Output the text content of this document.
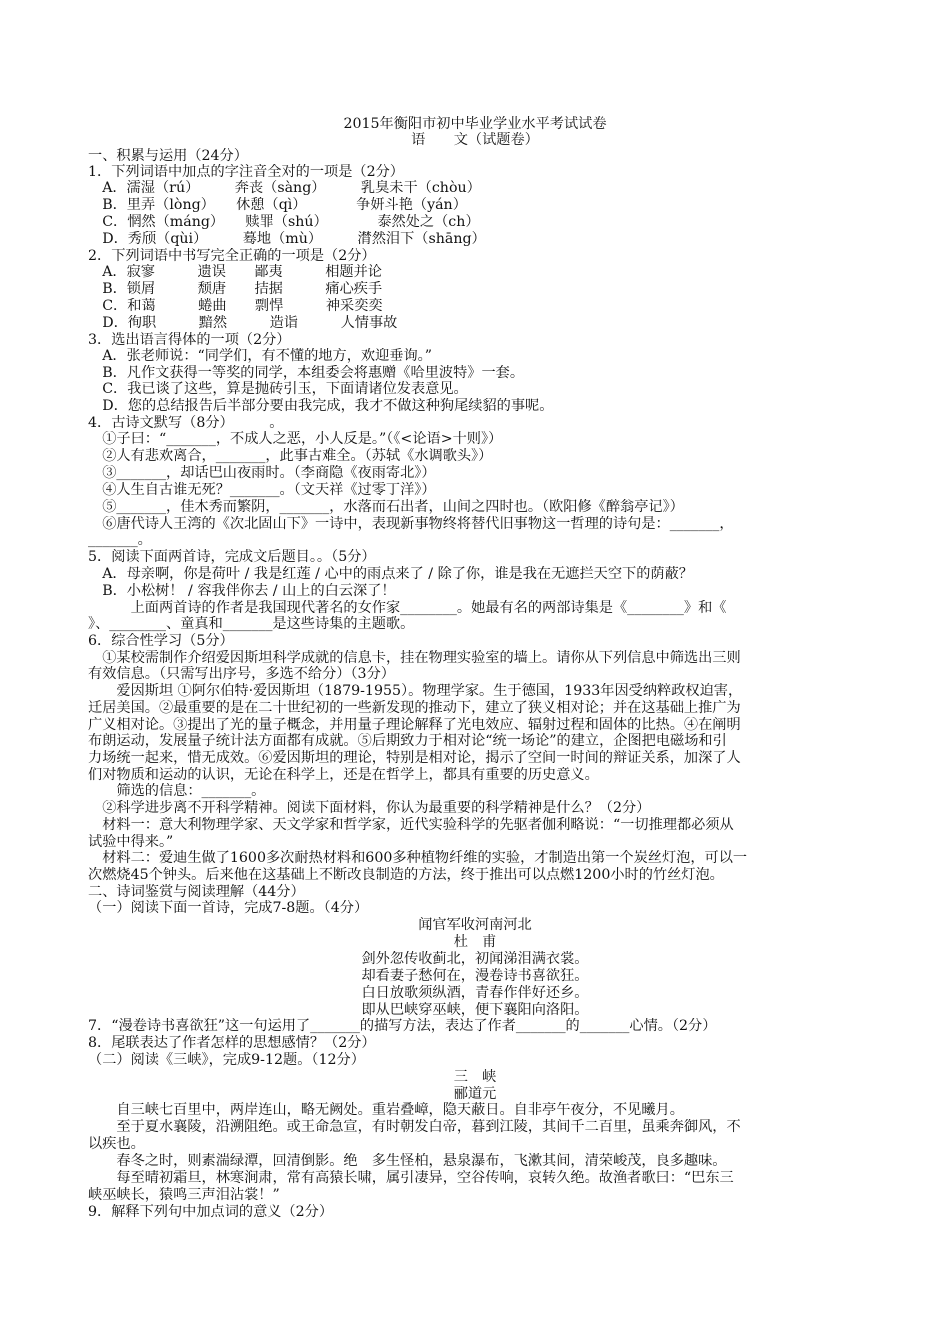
2015年衡阳市初中毕业学业水平考试试卷
语　　文（试题卷）
一、积累与运用（24分）
1．下列词语中加点的字注音全对的一项是（2分）
　A．濡湿（rú）　　　奔丧（sàng）　　　乳臭未干（chòu）
　B．里弄（lòng）　　休憩（qì）　　　　争妍斗艳（yán）
　C．惘然（máng）　　赎罪（shú）　　　　泰然处之（ch）
　D．秀颀（qùi）　　　蓦地（mù）　　　潸然泪下（shāng）
2．下列词语中书写完全正确的一项是（2分）
　A．寂寥　　　遗误　　鄙夷　　　相题并论
　B．锁屑　　　颓唐　　拮据　　　痛心疾手
　C．和蔼　　　蜷曲　　剽悍　　　神采奕奕
　D．徇职　　　黯然　　　造诣　　　人情事故
3．选出语言得体的一项（2分）
　A．张老师说：“同学们，有不懂的地方，欢迎垂询。”
　B．凡作文获得一等奖的同学，本组委会将惠赠《哈里波特》一套。
　C．我已谈了这些，算是抛砖引玉，下面请诸位发表意见。
　D．您的总结报告后半部分要由我完成，我才不做这种狗尾续貂的事呢。
4．古诗文默写（8分）　　　。
　①子曰：“_______，不成人之恶，小人反是。”（《<论语>十则》）
　②人有悲欢离合，_______，此事古难全。（苏轼《水调歌头》）
　③_______，却话巴山夜雨时。（李商隐《夜雨寄北》）
　④人生自古谁无死？_______。（文天祥《过零丁洋》）
　⑤_______，佳木秀而繁阴，_______，水落而石出者，山间之四时也。（欧阳修《醉翁亭记》）
　⑥唐代诗人王湾的《次北固山下》一诗中，表现新事物终将替代旧事物这一哲理的诗句是：_______，
_______。
5．阅读下面两首诗，完成文后题目。。（5分）
　A．母亲啊，你是荷叶 / 我是红莲 / 心中的雨点来了 / 除了你，谁是我在无遮拦天空下的荫蔽？
　B．小松树！ / 容我伴你去 / 山上的白云深了！
　　　上面两首诗的作者是我国现代著名的女作家________。她最有名的两部诗集是《________》和《
》、________、童真和_______是这些诗集的主题歌。
6．综合性学习（5分）
　①某校需制作介绍爱因斯坦科学成就的信息卡，挂在物理实验室的墙上。请你从下列信息中筛选出三则
有效信息。（只需写出序号，多选不给分）（3分）
　　爱因斯坦 ①阿尔伯特·爱因斯坦（1879-1955）。物理学家。生于德国，1933年因受纳粹政权迫害，
迁居美国。②最重要的是在二十世纪初的一些新发现的推动下，建立了狭义相对论；并在这基础上推广为
广义相对论。③提出了光的量子概念，并用量子理论解释了光电效应、辐射过程和固体的比热。④在阐明
布朗运动，发展量子统计法方面都有成就。⑤后期致力于相对论“统一场论”的建立，企图把电磁场和引
力场统一起来，惜无成效。⑥爱因斯坦的理论，特别是相对论，揭示了空间一时间的辩证关系，加深了人
们对物质和运动的认识，无论在科学上，还是在哲学上，都具有重要的历史意义。
　　筛选的信息：_______。
　②科学进步离不开科学精神。阅读下面材料，你认为最重要的科学精神是什么？（2分）
　材料一：意大利物理学家、天文学家和哲学家，近代实验科学的先驱者伽利略说：“一切推理都必须从
试验中得来。”
　材料二：爱迪生做了1600多次耐热材料和600多种植物纤维的实验，才制造出第一个炭丝灯泡，可以一
次燃烧45个钟头。后来他在这基础上不断改良制造的方法，终于推出可以点燃1200小时的竹丝灯泡。
二、诗词鉴赏与阅读理解（44分）
（一）阅读下面一首诗，完成7-8题。（4分）
闻官军收河南河北
杜　甫
剑外忽传收蓟北，初闻涕泪满衣裳。
却看妻子愁何在，漫卷诗书喜欲狂。
白日放歌须纵酒，青春作伴好还乡。
即从巴峡穿巫峡，便下襄阳向洛阳。
7．“漫卷诗书喜欲狂”这一句运用了_______的描写方法，表达了作者_______的_______心情。（2分）
8．尾联表达了作者怎样的思想感情？（2分）
（二）阅读《三峡》，完成9-12题。（12分）
三　峡
郦道元
　　自三峡七百里中，两岸连山，略无阙处。重岩叠嶂，隐天蔽日。自非亭午夜分，不见曦月。
　　至于夏水襄陵，沿溯阻绝。或王命急宣，有时朝发白帝，暮到江陵，其间千二百里，虽乘奔御风，不
以疾也。
　　春冬之时，则素湍绿潭，回清倒影。绝　多生怪柏，悬泉瀑布，飞漱其间，清荣峻茂，良多趣味。
　　每至晴初霜旦，林寒涧肃，常有高猿长啸，属引凄异，空谷传响，哀转久绝。故渔者歌曰：“巴东三
峡巫峡长，猿鸣三声泪沾裳！”
9．解释下列句中加点词的意义（2分）
